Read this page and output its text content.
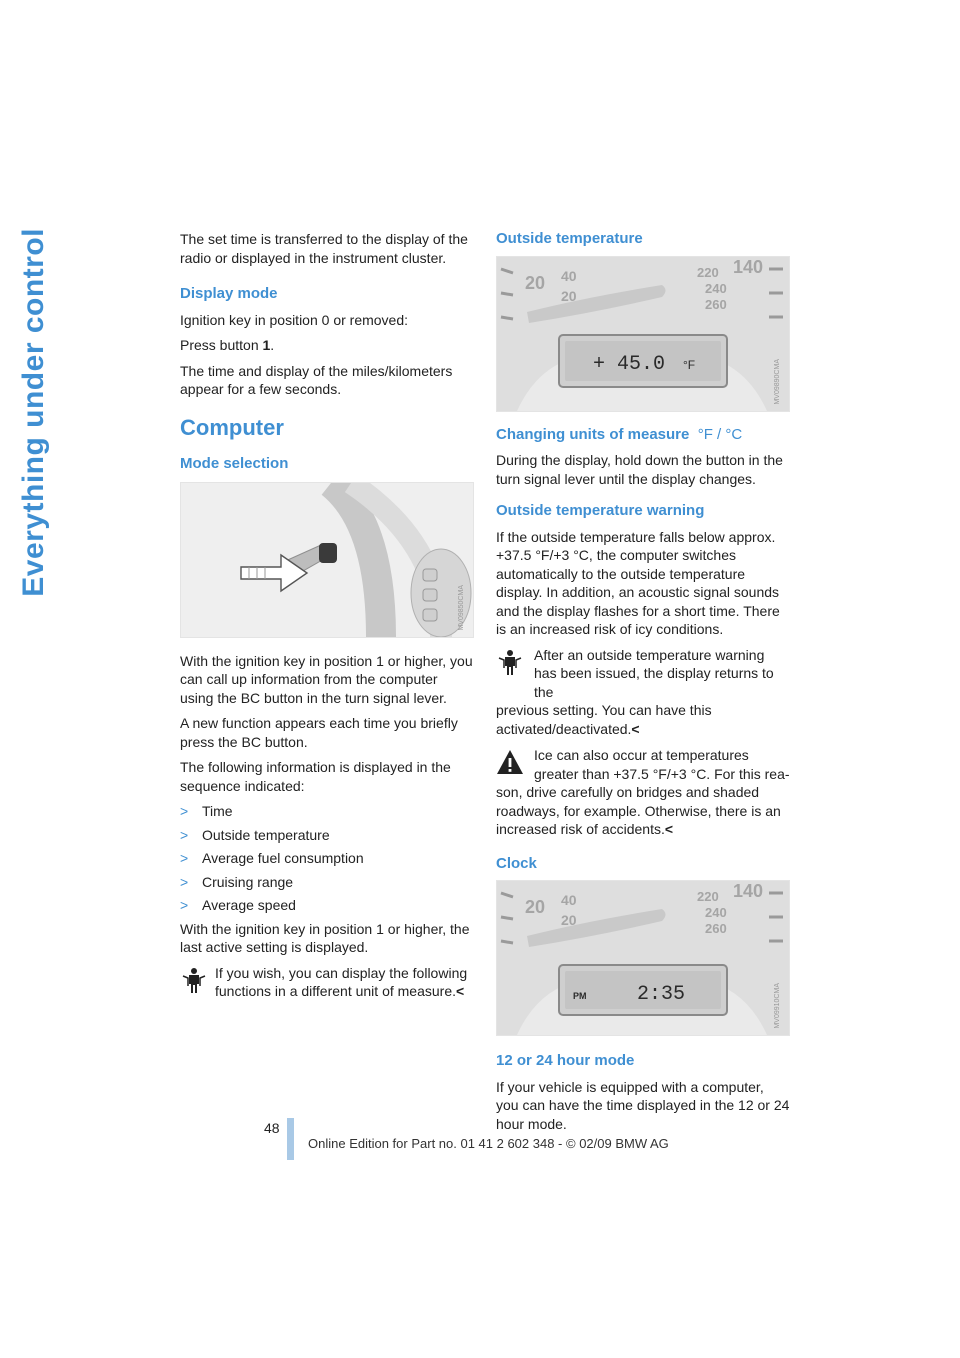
Everything under control	The set time is transferred to the display of the radio or displayed in the instrument cluster.

Display mode

Ignition key in position 0 or removed:

Press button 1.

The time and display of the miles/kilometers appear for a few seconds.

Computer
Mode selection
MV09850CMA

With the ignition key in position 1 or higher, you can call up information from the computer using the BC button in the turn signal lever.

A new function appears each time you briefly press the BC button.

The following information is displayed in the sequence indicated:

> Time
> Outside temperature
> Average fuel consumption
> Cruising range
> Average speed

With the ignition key in position 1 or higher, the last active setting is displayed.

If you wish, you can display the following functions in a different unit of measure.<
Outside temperature
20 40
20
220 140
240
260
+ 45.0 °F	MV09890CMA
Changing units of measure °F / °C

During the display, hold down the button in the turn signal lever until the display changes.

Outside temperature warning

If the outside temperature falls below approx. +37.5 °F/+3 °C, the computer switches automatically to the outside temperature display. In addition, an acoustic signal sounds and the display flashes for a short time. There is an increased risk of icy conditions.

After an outside temperature warning has been issued, the display returns to the
previous setting. You can have this activated/deactivated.<
Ice can also occur at temperatures greater than +37.5 °F/+3 °C. For this rea-
son, drive carefully on bridges and shaded roadways, for example. Otherwise, there is an increased risk of accidents.<
Clock
20 40
20
220 140
240
260
PM	2:35	MV09910CMA
12 or 24 hour mode

If your vehicle is equipped with a computer, you can have the time displayed in the 12 or 24 hour mode.

48
Online Edition for Part no. 01 41 2 602 348 - © 02/09 BMW AG
